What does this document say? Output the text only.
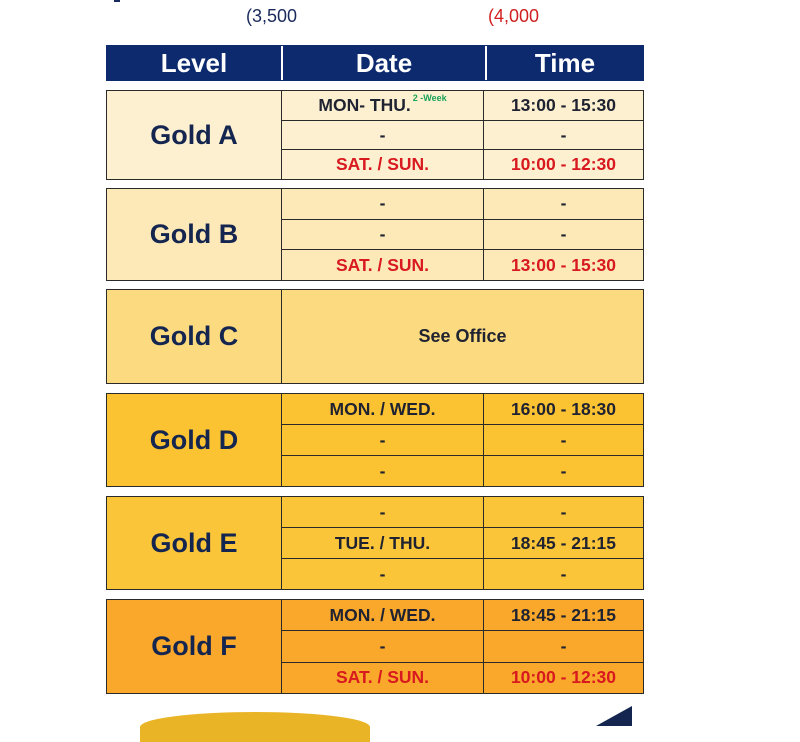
(3,500	(4,000
Level	Date	Time
Gold A
MON- THU. 2 -Week	13:00 - 15:30
-	-
SAT. / SUN.	10:00 - 12:30
Gold B
-	-
-	-
SAT. / SUN.	13:00 - 15:30
Gold C	See Office
Gold D
MON. / WED.	16:00 - 18:30
-	-
-	-
Gold E
-	-
TUE. / THU.	18:45 - 21:15
-	-
Gold F
MON. / WED.	18:45 - 21:15
-	-
SAT. / SUN.	10:00 - 12:30
